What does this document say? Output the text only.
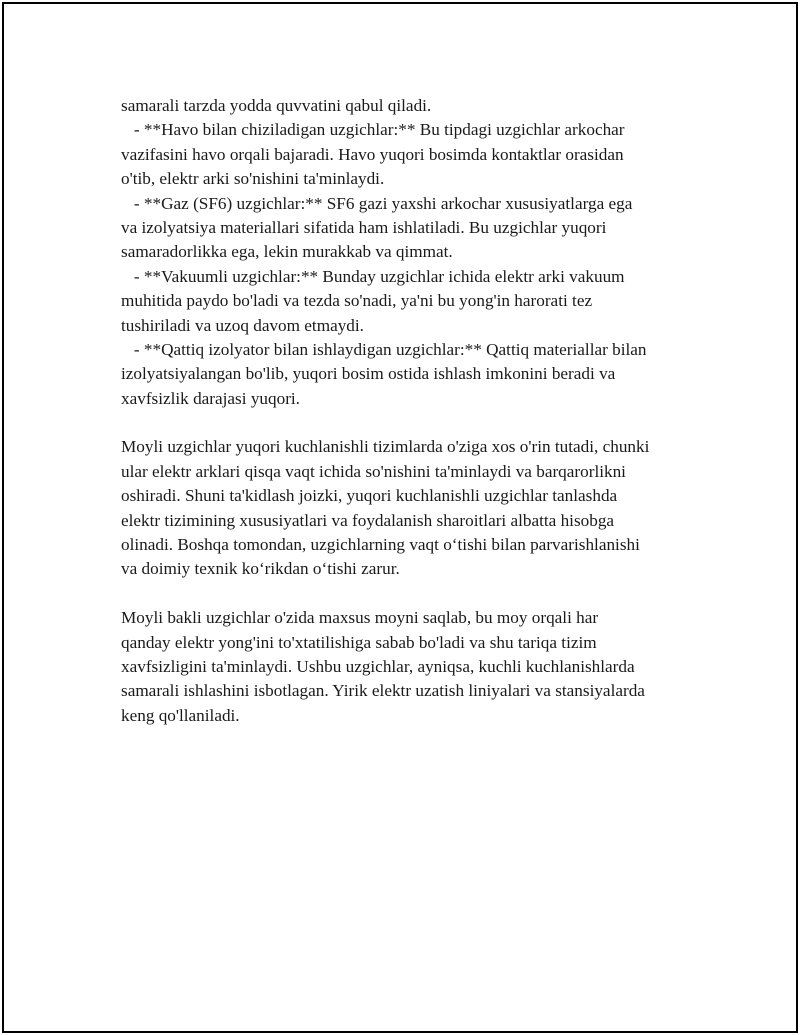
samarali tarzda yodda quvvatini qabul qiladi.
- **Havo bilan chiziladigan uzgichlar:** Bu tipdagi uzgichlar arkochar
vazifasini havo orqali bajaradi. Havo yuqori bosimda kontaktlar orasidan
o'tib, elektr arki so'nishini ta'minlaydi.
- **Gaz (SF6) uzgichlar:** SF6 gazi yaxshi arkochar xususiyatlarga ega
va izolyatsiya materiallari sifatida ham ishlatiladi. Bu uzgichlar yuqori
samaradorlikka ega, lekin murakkab va qimmat.
- **Vakuumli uzgichlar:** Bunday uzgichlar ichida elektr arki vakuum
muhitida paydo bo'ladi va tezda so'nadi, ya'ni bu yong'in harorati tez
tushiriladi va uzoq davom etmaydi.
- **Qattiq izolyator bilan ishlaydigan uzgichlar:** Qattiq materiallar bilan
izolyatsiyalangan bo'lib, yuqori bosim ostida ishlash imkonini beradi va
xavfsizlik darajasi yuqori.
Moyli uzgichlar yuqori kuchlanishli tizimlarda o'ziga xos o'rin tutadi, chunki
ular elektr arklari qisqa vaqt ichida so'nishini ta'minlaydi va barqarorlikni
oshiradi. Shuni ta'kidlash joizki, yuqori kuchlanishli uzgichlar tanlashda
elektr tizimining xususiyatlari va foydalanish sharoitlari albatta hisobga
olinadi. Boshqa tomondan, uzgichlarning vaqt o‘tishi bilan parvarishlanishi
va doimiy texnik ko‘rikdan o‘tishi zarur.
Moyli bakli uzgichlar o'zida maxsus moyni saqlab, bu moy orqali har
qanday elektr yong'ini to'xtatilishiga sabab bo'ladi va shu tariqa tizim
xavfsizligini ta'minlaydi. Ushbu uzgichlar, ayniqsa, kuchli kuchlanishlarda
samarali ishlashini isbotlagan. Yirik elektr uzatish liniyalari va stansiyalarda
keng qo'llaniladi.
